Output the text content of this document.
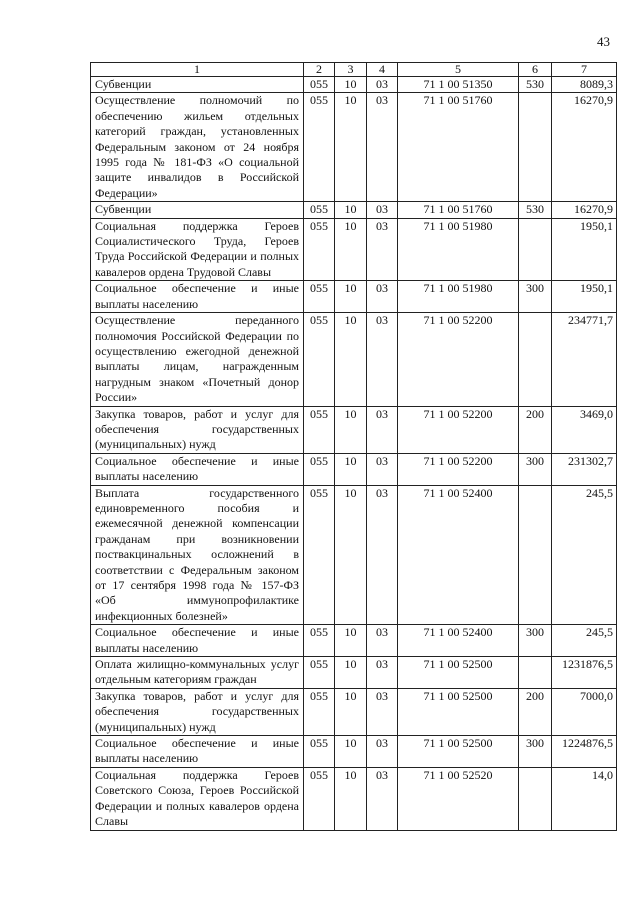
43
1	2	3	4	5	6	7
Субвенции	055	10	03	71 1 00 51350	530	8089,3
Осуществление полномочий по обеспечению жильем отдельных категорий граждан, установленных Федеральным законом от 24 ноября 1995 года № 181-ФЗ «О социальной защите инвалидов в Российской Федерации»	055	10	03	71 1 00 51760		16270,9
Субвенции	055	10	03	71 1 00 51760	530	16270,9
Социальная поддержка Героев Социалистического Труда, Героев Труда Российской Федерации и полных кавалеров ордена Трудовой Славы	055	10	03	71 1 00 51980		1950,1
Социальное обеспечение и иные выплаты населению	055	10	03	71 1 00 51980	300	1950,1
Осуществление переданного полномочия Российской Федерации по осуществлению ежегодной денежной выплаты лицам, награжденным нагрудным знаком «Почетный донор России»	055	10	03	71 1 00 52200		234771,7
Закупка товаров, работ и услуг для обеспечения государственных (муниципальных) нужд	055	10	03	71 1 00 52200	200	3469,0
Социальное обеспечение и иные выплаты населению	055	10	03	71 1 00 52200	300	231302,7
Выплата государственного единовременного пособия и ежемесячной денежной компенсации гражданам при возникновении поствакцинальных осложнений в соответствии с Федеральным законом от 17 сентября 1998 года № 157-ФЗ «Об иммунопрофилактике инфекционных болезней»	055	10	03	71 1 00 52400		245,5
Социальное обеспечение и иные выплаты населению	055	10	03	71 1 00 52400	300	245,5
Оплата жилищно-коммунальных услуг отдельным категориям граждан	055	10	03	71 1 00 52500		1231876,5
Закупка товаров, работ и услуг для обеспечения государственных (муниципальных) нужд	055	10	03	71 1 00 52500	200	7000,0
Социальное обеспечение и иные выплаты населению	055	10	03	71 1 00 52500	300	1224876,5
Социальная поддержка Героев Советского Союза, Героев Российской Федерации и полных кавалеров ордена Славы	055	10	03	71 1 00 52520		14,0
